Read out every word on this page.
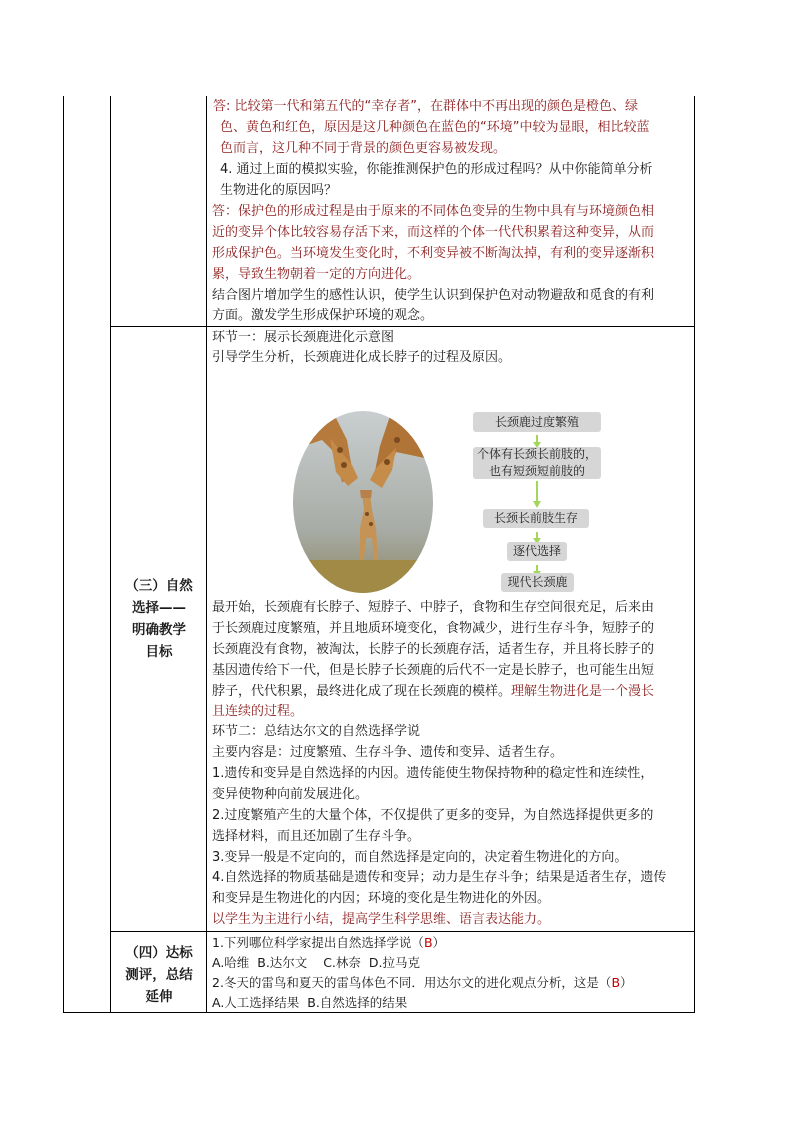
答: 比较第一代和第五代的“幸存者”，在群体中不再出现的颜色是橙色、绿
色、黄色和红色，原因是这几种颜色在蓝色的“环境”中较为显眼，相比较蓝
色而言，这几种不同于背景的颜色更容易被发现。
4. 通过上面的模拟实验，你能推测保护色的形成过程吗？从中你能简单分析
生物进化的原因吗？
答：保护色的形成过程是由于原来的不同体色变异的生物中具有与环境颜色相
近的变异个体比较容易存活下来，而这样的个体一代代积累着这种变异，从而
形成保护色。当环境发生变化时，不利变异被不断淘汰掉，有利的变异逐渐积
累，导致生物朝着一定的方向进化。
结合图片增加学生的感性认识，使学生认识到保护色对动物避敌和觅食的有利
方面。激发学生形成保护环境的观念。
（三）自然
选择——
明确教学
目标
环节一：展示长颈鹿进化示意图
引导学生分析，长颈鹿进化成长脖子的过程及原因。
长颈鹿过度繁殖
个体有长颈长前肢的，
也有短颈短前肢的
长颈长前肢生存
逐代选择
现代长颈鹿
最开始，长颈鹿有长脖子、短脖子、中脖子，食物和生存空间很充足，后来由
于长颈鹿过度繁殖，并且地质环境变化，食物减少，进行生存斗争，短脖子的
长颈鹿没有食物，被淘汰，长脖子的长颈鹿存活，适者生存，并且将长脖子的
基因遗传给下一代，但是长脖子长颈鹿的后代不一定是长脖子，也可能生出短
脖子，代代积累，最终进化成了现在长颈鹿的模样。理解生物进化是一个漫长
且连续的过程。
环节二：总结达尔文的自然选择学说
主要内容是：过度繁殖、生存斗争、遗传和变异、适者生存。
1.遗传和变异是自然选择的内因。遗传能使生物保持物种的稳定性和连续性，
变异使物种向前发展进化。
2.过度繁殖产生的大量个体，不仅提供了更多的变异，为自然选择提供更多的
选择材料，而且还加剧了生存斗争。
3.变异一般是不定向的，而自然选择是定向的，决定着生物进化的方向。
4.自然选择的物质基础是遗传和变异；动力是生存斗争；结果是适者生存，遗传
和变异是生物进化的内因；环境的变化是生物进化的外因。
以学生为主进行小结，提高学生科学思维、语言表达能力。
（四）达标
测评，总结
延伸
1.下列哪位科学家提出自然选择学说（B）
A.哈维  B.达尔文    C.林奈  D.拉马克
2.冬天的雷鸟和夏天的雷鸟体色不同．用达尔文的进化观点分析，这是（B）
A.人工选择结果  B.自然选择的结果
